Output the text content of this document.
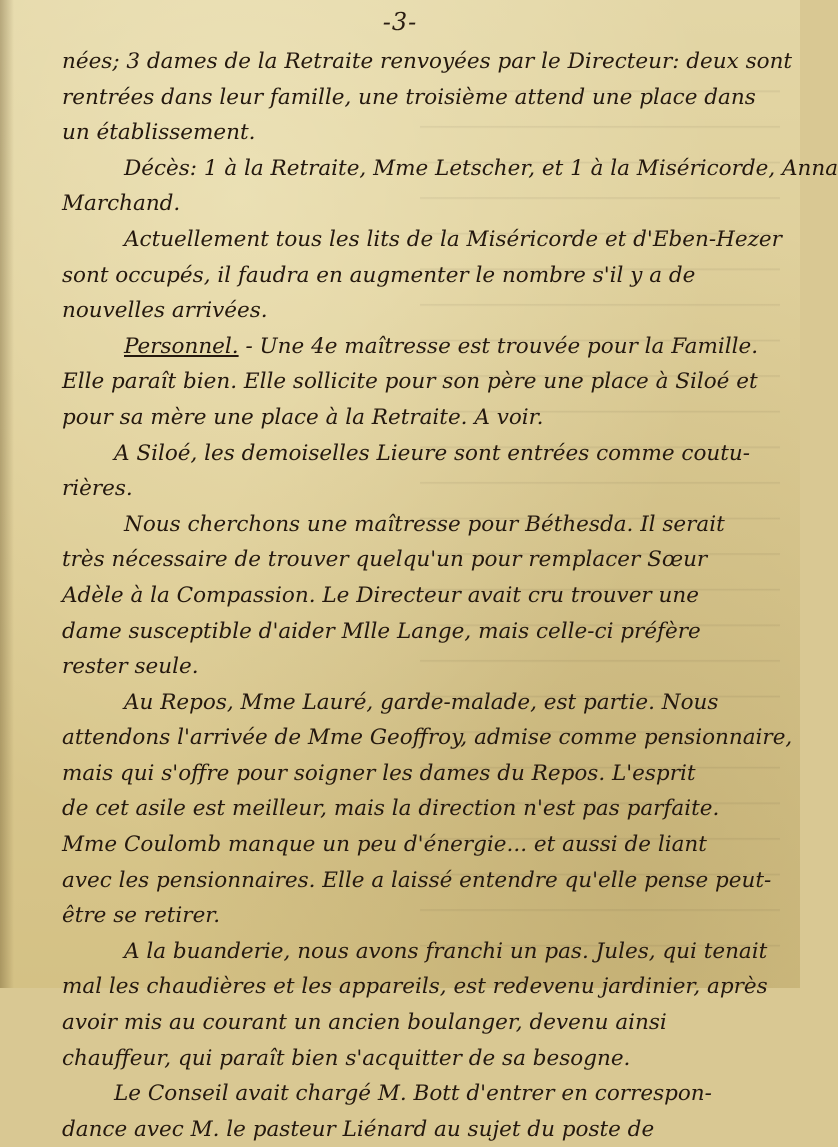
-3-
nées; 3 dames de la Retraite renvoyées par le Directeur: deux sont
rentrées dans leur famille, une troisième attend une place dans
un établissement.
Décès: 1 à la Retraite, Mme Letscher, et 1 à la Miséricorde, Anna
Marchand.
Actuellement tous les lits de la Miséricorde et d'Eben-Hezer
sont occupés, il faudra en augmenter le nombre s'il y a de
nouvelles arrivées.
Personnel. - Une 4e maîtresse est trouvée pour la Famille.
Elle paraît bien. Elle sollicite pour son père une place à Siloé et
pour sa mère une place à la Retraite. A voir.
A Siloé, les demoiselles Lieure sont entrées comme coutu-
rières.
Nous cherchons une maîtresse pour Béthesda. Il serait
très nécessaire de trouver quelqu'un pour remplacer Sœur
Adèle à la Compassion. Le Directeur avait cru trouver une
dame susceptible d'aider Mlle Lange, mais celle-ci préfère
rester seule.
Au Repos, Mme Lauré, garde-malade, est partie. Nous
attendons l'arrivée de Mme Geoffroy, admise comme pensionnaire,
mais qui s'offre pour soigner les dames du Repos. L'esprit
de cet asile est meilleur, mais la direction n'est pas parfaite.
Mme Coulomb manque un peu d'énergie... et aussi de liant
avec les pensionnaires. Elle a laissé entendre qu'elle pense peut-
être se retirer.
A la buanderie, nous avons franchi un pas. Jules, qui tenait
mal les chaudières et les appareils, est redevenu jardinier, après
avoir mis au courant un ancien boulanger, devenu ainsi
chauffeur, qui paraît bien s'acquitter de sa besogne.
Le Conseil avait chargé M. Bott d'entrer en correspon-
dance avec M. le pasteur Liénard au sujet du poste de
